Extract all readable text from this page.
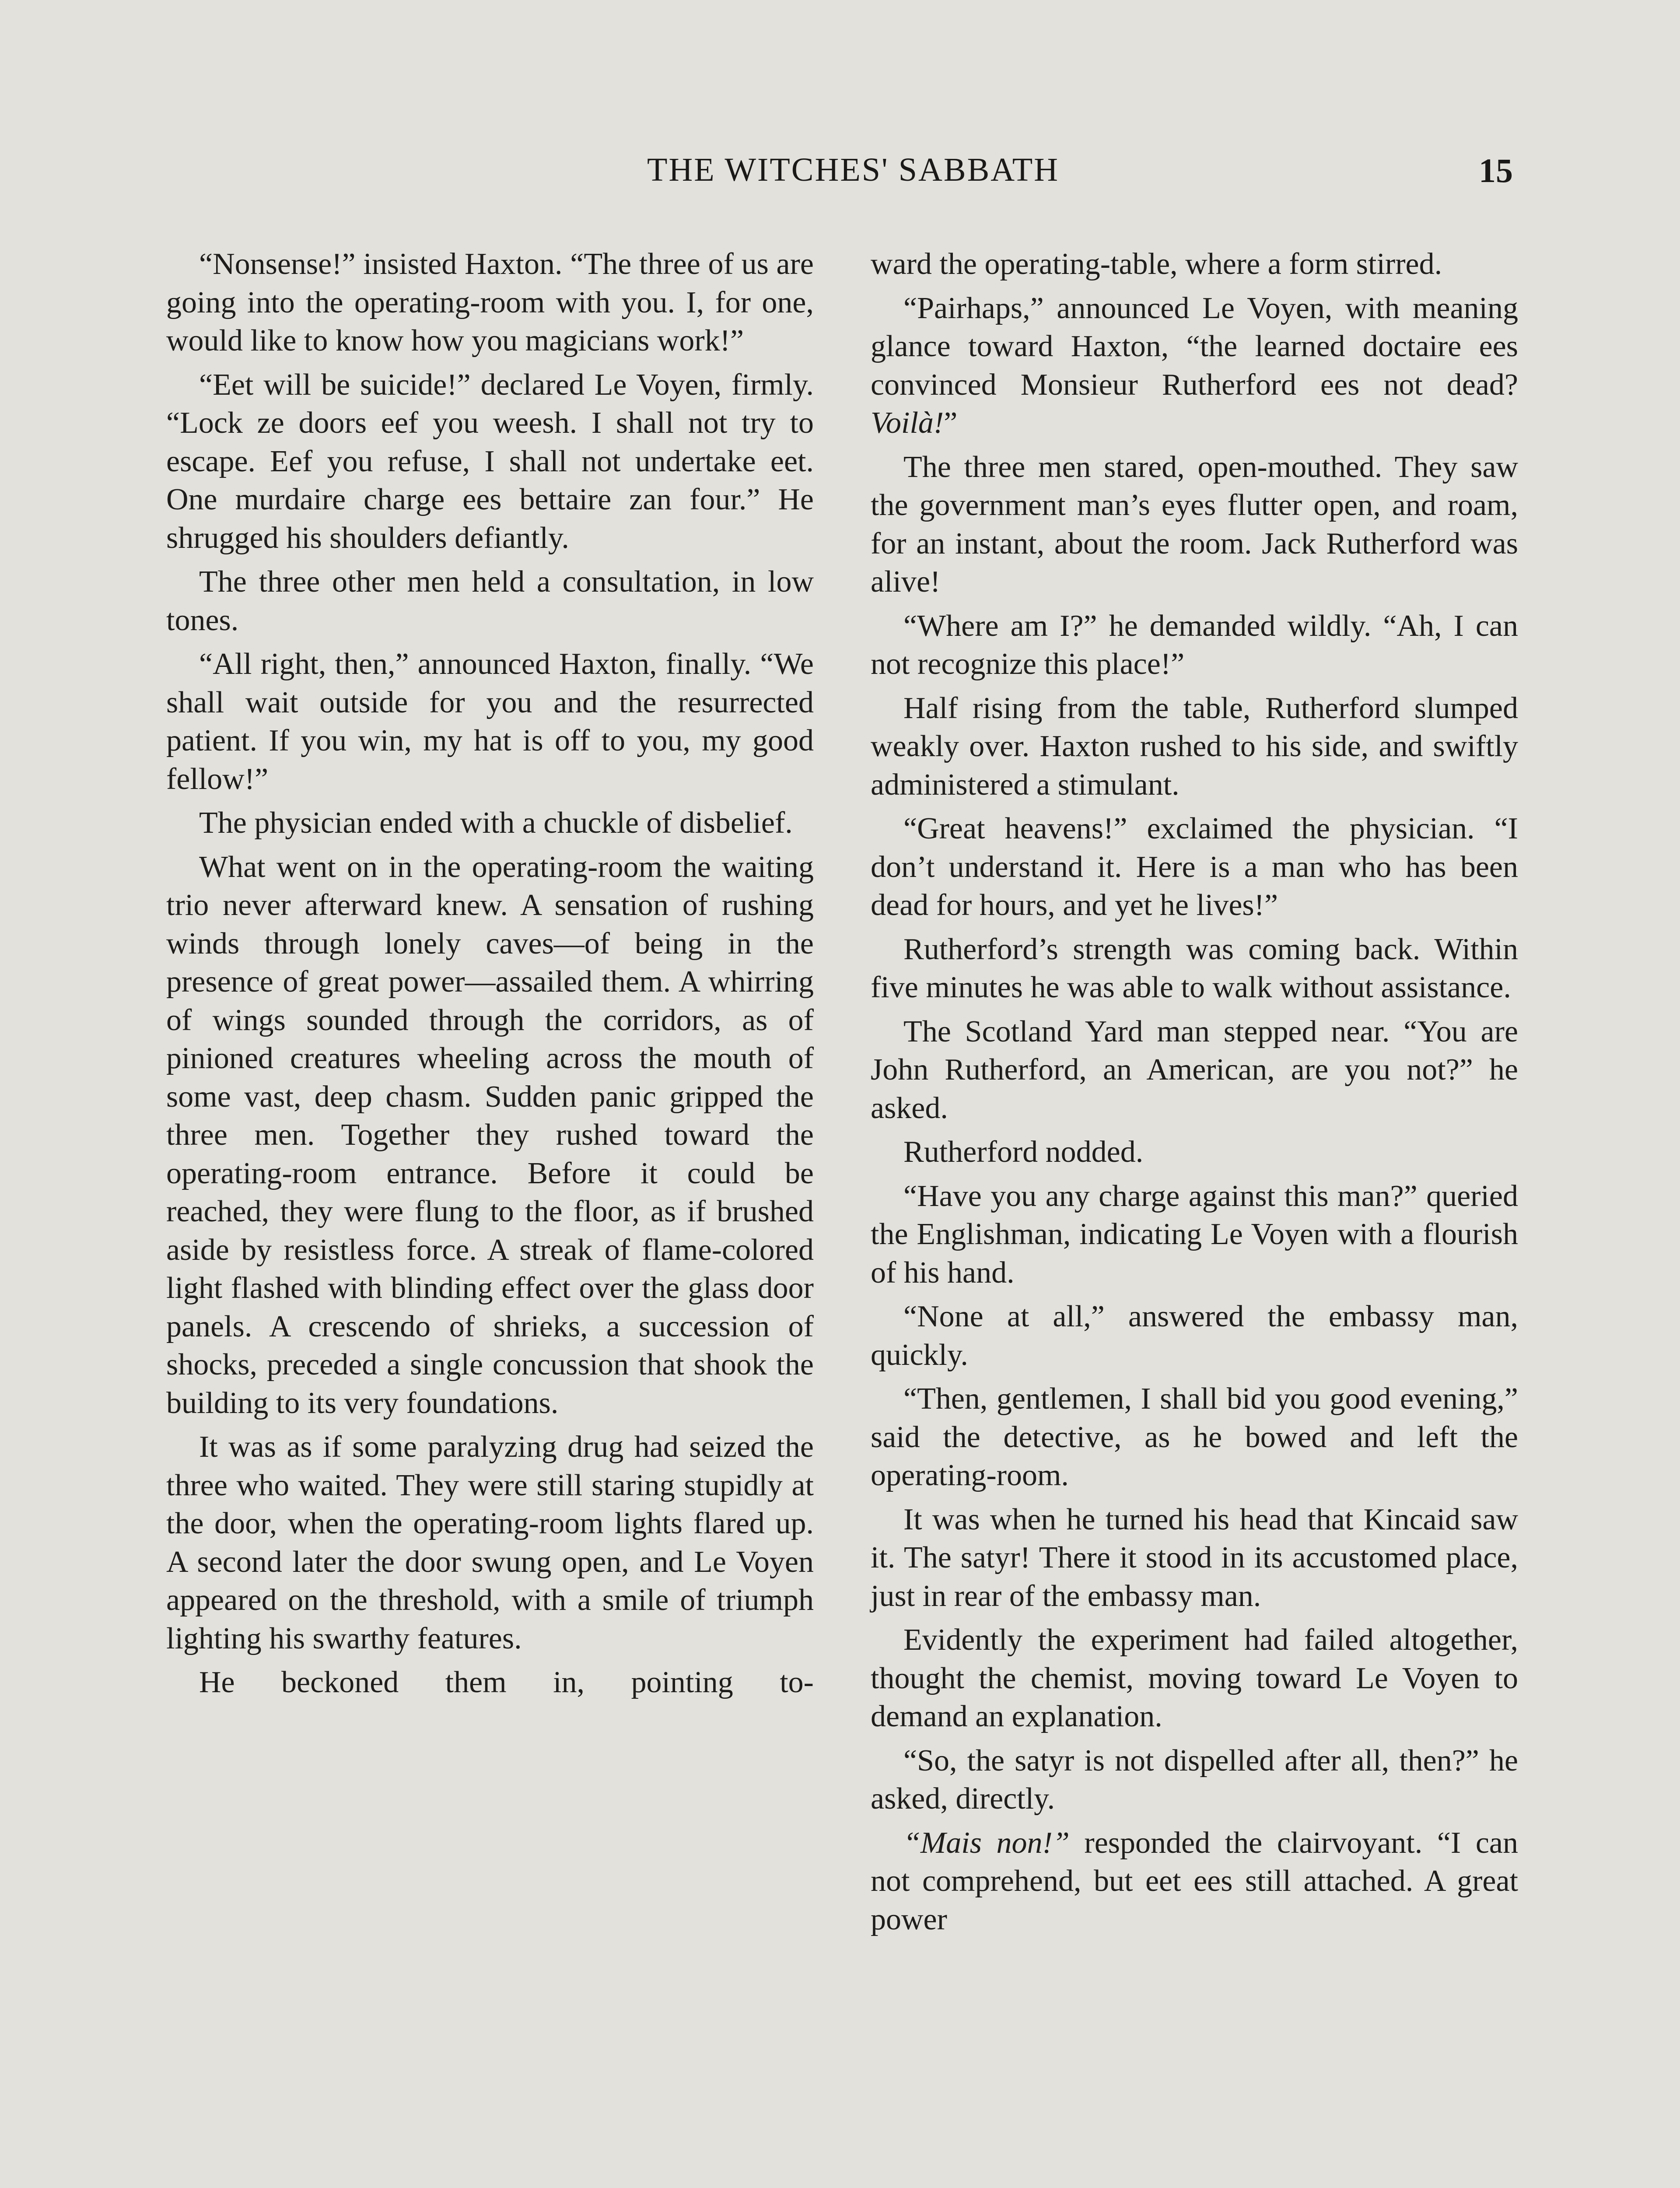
THE WITCHES' SABBATH	15

“Nonsense!” insisted Haxton. “The three of us are going into the operating-room with you. I, for one, would like to know how you magicians work!”

“Eet will be suicide!” declared Le Voyen, firmly. “Lock ze doors eef you weesh. I shall not try to escape. Eef you refuse, I shall not undertake eet. One murdaire charge ees bettaire zan four.” He shrugged his shoulders defiantly.

The three other men held a consultation, in low tones.

“All right, then,” announced Haxton, finally. “We shall wait outside for you and the resurrected patient. If you win, my hat is off to you, my good fellow!”

The physician ended with a chuckle of disbelief.

What went on in the operating-room the waiting trio never afterward knew. A sensation of rushing winds through lonely caves—of being in the presence of great power—assailed them. A whirring of wings sounded through the corridors, as of pinioned creatures wheeling across the mouth of some vast, deep chasm. Sudden panic gripped the three men. Together they rushed toward the operating-room entrance. Before it could be reached, they were flung to the floor, as if brushed aside by resistless force. A streak of flame-colored light flashed with blinding effect over the glass door panels. A crescendo of shrieks, a succession of shocks, preceded a single concussion that shook the building to its very foundations.

It was as if some paralyzing drug had seized the three who waited. They were still staring stupidly at the door, when the operating-room lights flared up. A second later the door swung open, and Le Voyen appeared on the threshold, with a smile of triumph lighting his swarthy features.

He beckoned them in, pointing to-

ward the operating-table, where a form stirred.

“Pairhaps,” announced Le Voyen, with meaning glance toward Haxton, “the learned doctaire ees convinced Monsieur Rutherford ees not dead? Voilà!”

The three men stared, open-mouthed. They saw the government man’s eyes flutter open, and roam, for an instant, about the room. Jack Rutherford was alive!

“Where am I?” he demanded wildly. “Ah, I can not recognize this place!”

Half rising from the table, Rutherford slumped weakly over. Haxton rushed to his side, and swiftly administered a stimulant.

“Great heavens!” exclaimed the physician. “I don’t understand it. Here is a man who has been dead for hours, and yet he lives!”

Rutherford’s strength was coming back. Within five minutes he was able to walk without assistance.

The Scotland Yard man stepped near. “You are John Rutherford, an American, are you not?” he asked.

Rutherford nodded.

“Have you any charge against this man?” queried the Englishman, indicating Le Voyen with a flourish of his hand.

“None at all,” answered the embassy man, quickly.

“Then, gentlemen, I shall bid you good evening,” said the detective, as he bowed and left the operating-room.

It was when he turned his head that Kincaid saw it. The satyr! There it stood in its accustomed place, just in rear of the embassy man.

Evidently the experiment had failed altogether, thought the chemist, moving toward Le Voyen to demand an explanation.

“So, the satyr is not dispelled after all, then?” he asked, directly.

“Mais non!” responded the clairvoyant. “I can not comprehend, but eet ees still attached. A great power
